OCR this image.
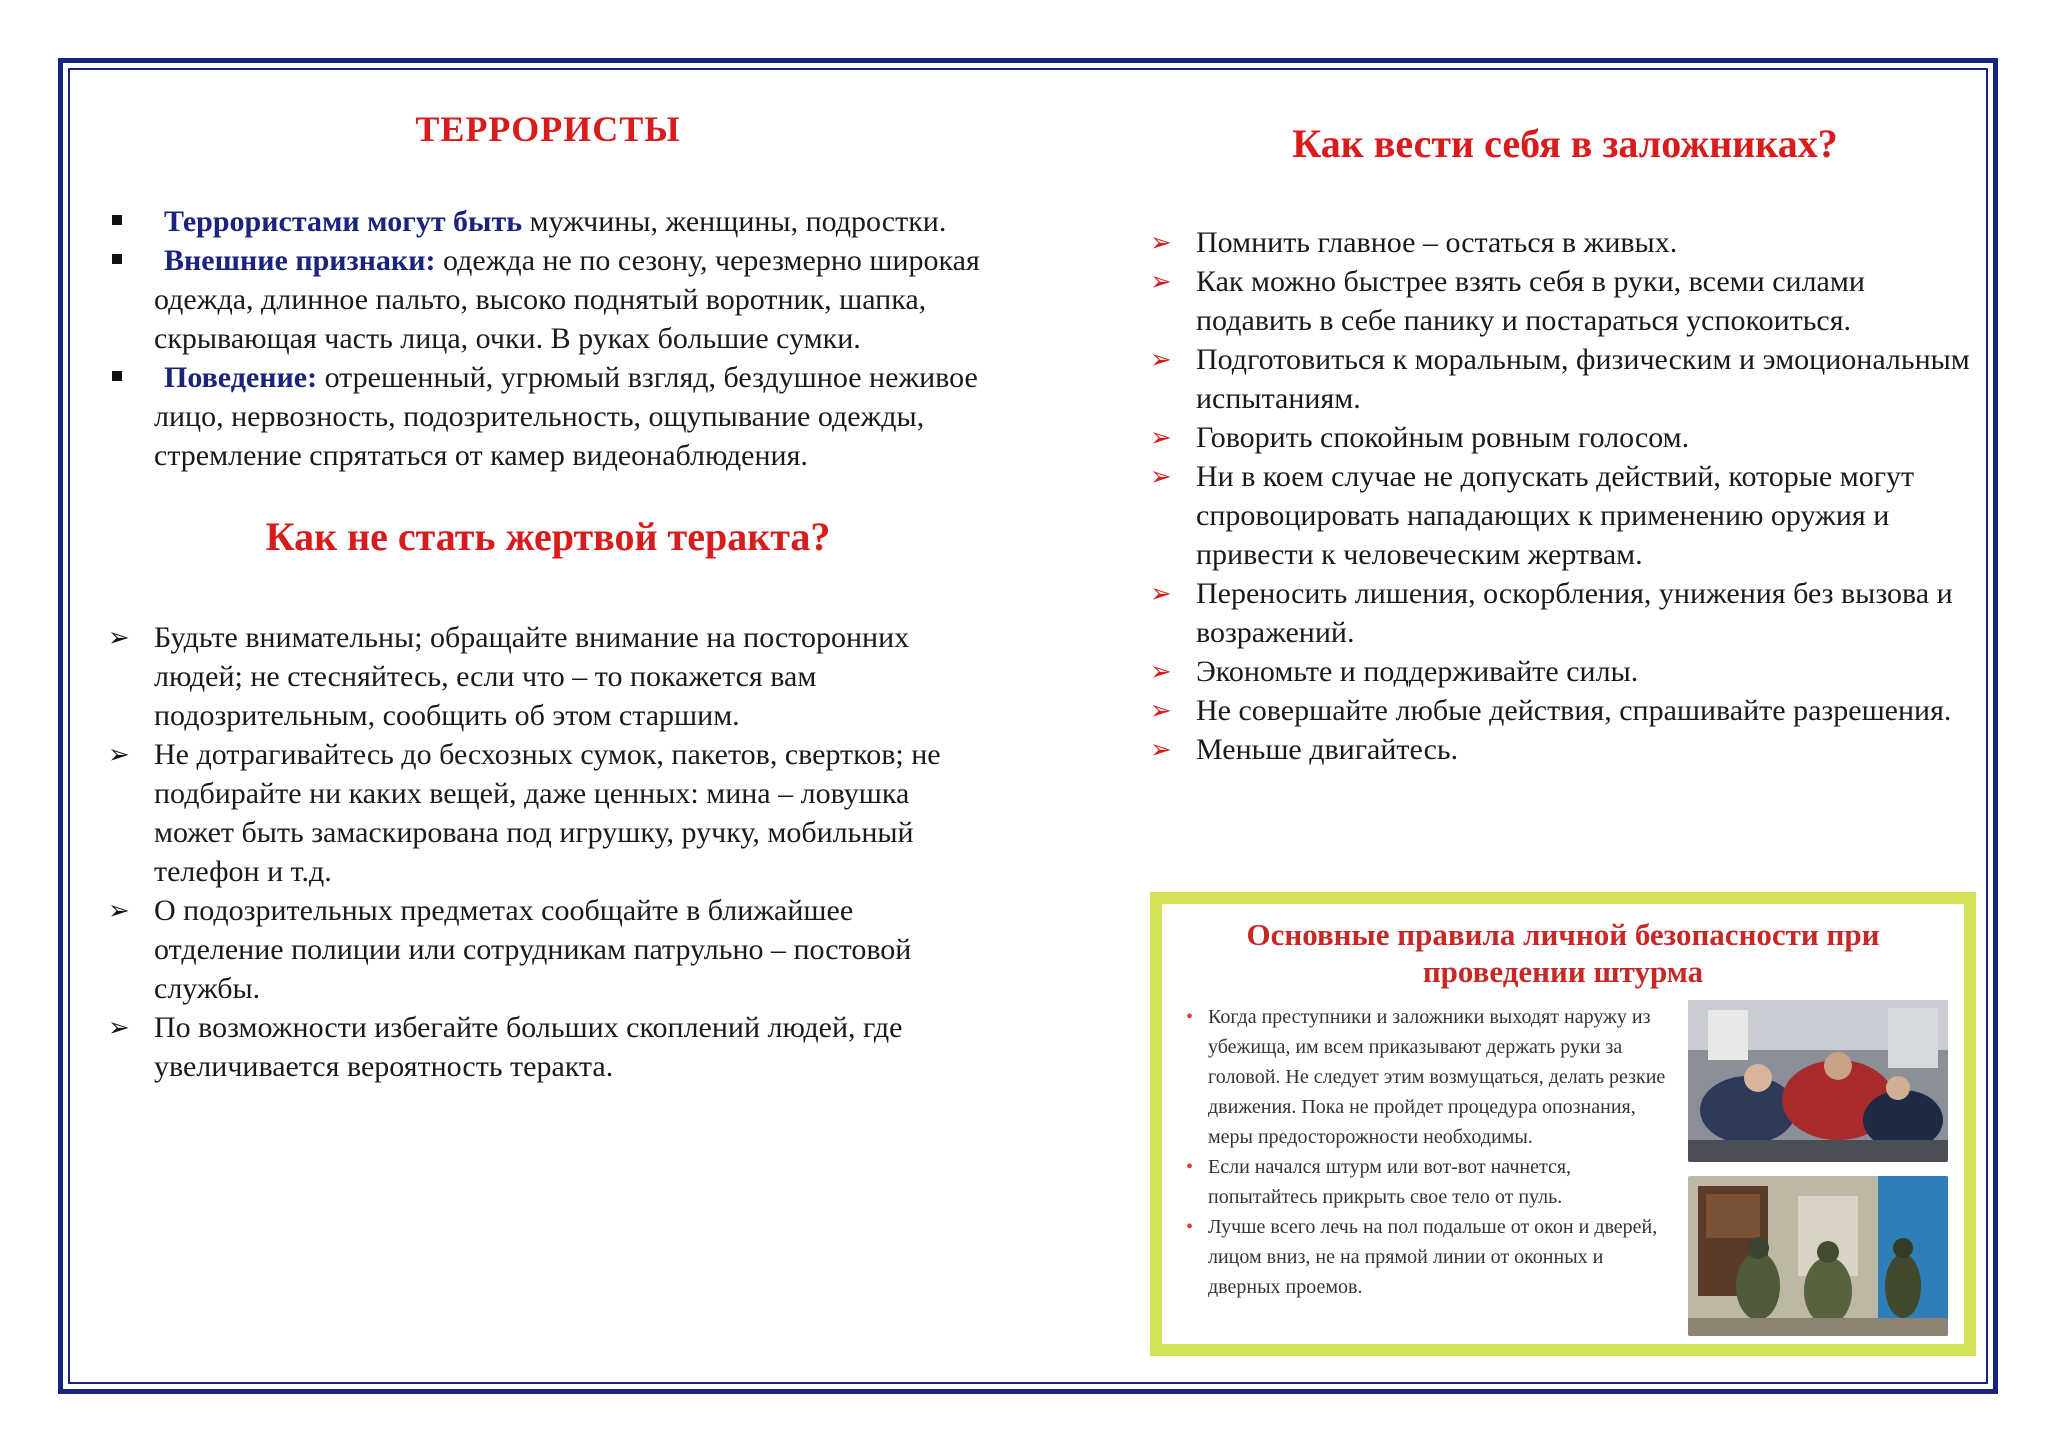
ТЕРРОРИСТЫ
Террористами могут быть мужчины, женщины, подростки.
Внешние признаки: одежда не по сезону, черезмерно широкая одежда, длинное пальто, высоко поднятый воротник, шапка, скрывающая часть лица, очки. В руках большие сумки.
Поведение: отрешенный, угрюмый взгляд, бездушное неживое лицо, нервозность, подозрительность, ощупывание одежды, стремление спрятаться от камер видеонаблюдения.
Как не стать жертвой теракта?
➢ Будьте внимательны; обращайте внимание на посторонних людей; не стесняйтесь, если что – то покажется вам подозрительным, сообщить об этом старшим.
➢ Не дотрагивайтесь до бесхозных сумок, пакетов, свертков; не подбирайте ни каких вещей, даже ценных: мина – ловушка может быть замаскирована под игрушку, ручку, мобильный телефон и т.д.
➢ О подозрительных предметах сообщайте в ближайшее отделение полиции или сотрудникам патрульно – постовой службы.
➢ По возможности избегайте больших скоплений людей, где увеличивается вероятность теракта.
Как вести себя в заложниках?
➢ Помнить главное – остаться в живых.
➢ Как можно быстрее взять себя в руки, всеми силами подавить в себе панику и постараться успокоиться.
➢ Подготовиться к моральным, физическим и эмоциональным испытаниям.
➢ Говорить спокойным ровным голосом.
➢ Ни в коем случае не допускать действий, которые могут спровоцировать нападающих к применению оружия и привести к человеческим жертвам.
➢ Переносить лишения, оскорбления, унижения без вызова и возражений.
➢ Экономьте и поддерживайте силы.
➢ Не совершайте любые действия, спрашивайте разрешения.
➢ Меньше двигайтесь.
Основные правила личной безопасности при проведении штурма
• Когда преступники и заложники выходят наружу из убежища, им всем приказывают держать руки за головой. Не следует этим возмущаться, делать резкие движения. Пока не пройдет процедура опознания, меры предосторожности необходимы.
• Если начался штурм или вот-вот начнется, попытайтесь прикрыть свое тело от пуль.
• Лучше всего лечь на пол подальше от окон и дверей, лицом вниз, не на прямой линии от оконных и дверных проемов.
